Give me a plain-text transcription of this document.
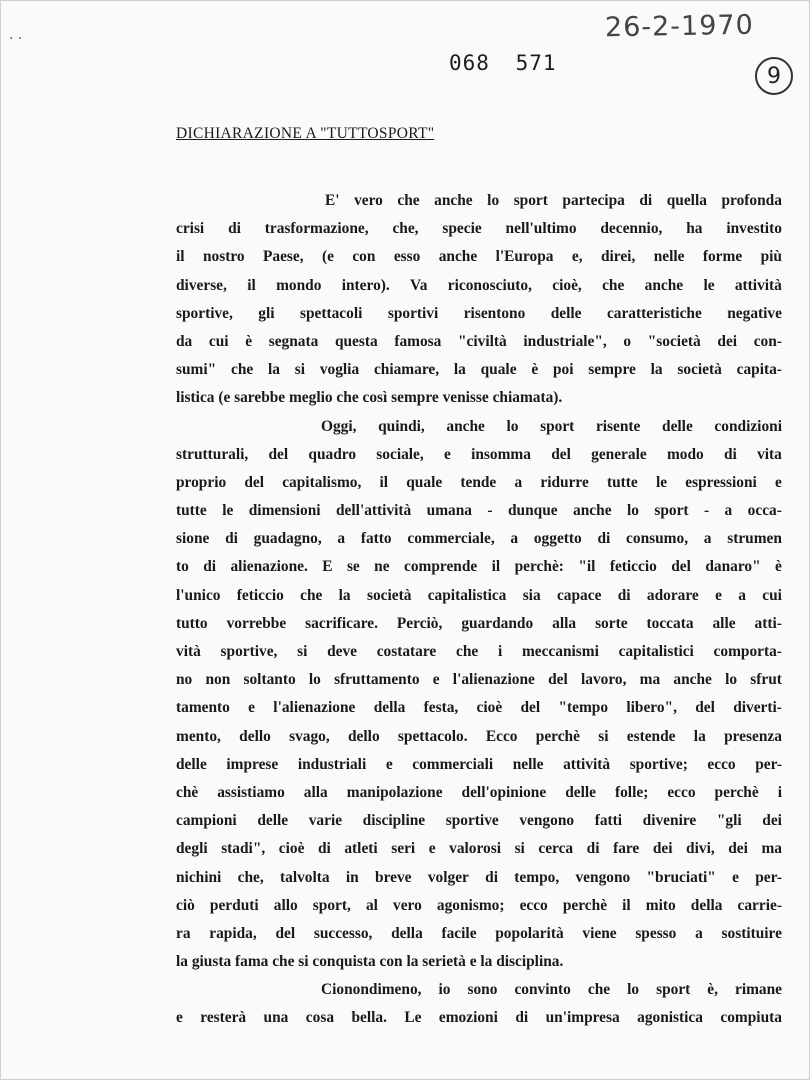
· ·	26-2-1970
9
068 571
DICHIARAZIONE A "TUTTOSPORT"
E' vero che anche lo sport partecipa di quella profonda
crisi di trasformazione, che, specie nell'ultimo decennio, ha investito
il nostro Paese, (e con esso anche l'Europa e, direi, nelle forme più
diverse, il mondo intero). Va riconosciuto, cioè, che anche le attività
sportive, gli spettacoli sportivi risentono delle caratteristiche negative
da cui è segnata questa famosa "civiltà industriale", o "società dei con-
sumi" che la si voglia chiamare, la quale è poi sempre la società capita-
listica (e sarebbe meglio che così sempre venisse chiamata).
Oggi, quindi, anche lo sport risente delle condizioni
strutturali, del quadro sociale, e insomma del generale modo di vita
proprio del capitalismo, il quale tende a ridurre tutte le espressioni e
tutte le dimensioni dell'attività umana - dunque anche lo sport - a occa-
sione di guadagno, a fatto commerciale, a oggetto di consumo, a strumen
to di alienazione. E se ne comprende il perchè: "il feticcio del danaro" è
l'unico feticcio che la società capitalistica sia capace di adorare e a cui
tutto vorrebbe sacrificare. Perciò, guardando alla sorte toccata alle atti-
vità sportive, si deve costatare che i meccanismi capitalistici comporta-
no non soltanto lo sfruttamento e l'alienazione del lavoro, ma anche lo sfrut
tamento e l'alienazione della festa, cioè del "tempo libero", del diverti-
mento, dello svago, dello spettacolo. Ecco perchè si estende la presenza
delle imprese industriali e commerciali nelle attività sportive; ecco per-
chè assistiamo alla manipolazione dell'opinione delle folle; ecco perchè i
campioni delle varie discipline sportive vengono fatti divenire "gli dei
degli stadi", cioè di atleti seri e valorosi si cerca di fare dei divi, dei ma
nichini che, talvolta in breve volger di tempo, vengono "bruciati" e per-
ciò perduti allo sport, al vero agonismo; ecco perchè il mito della carrie-
ra rapida, del successo, della facile popolarità viene spesso a sostituire
la giusta fama che si conquista con la serietà e la disciplina.
Cionondimeno, io sono convinto che lo sport è, rimane
e resterà una cosa bella. Le emozioni di un'impresa agonistica compiuta
